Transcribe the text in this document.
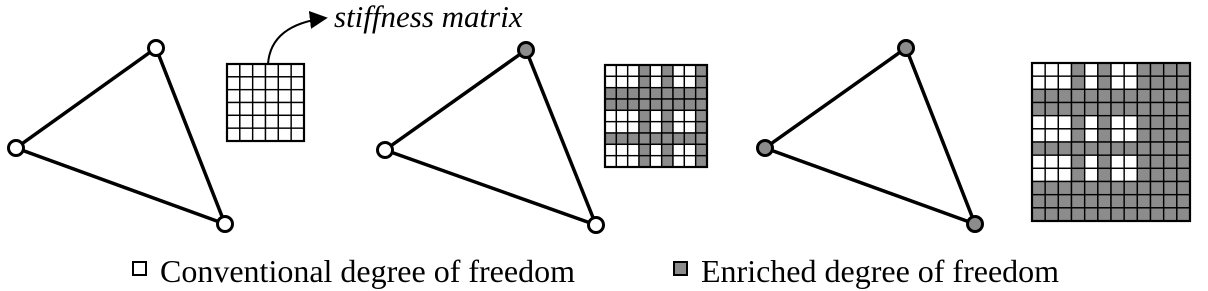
stiffness matrix
Conventional degree of freedom	Enriched degree of freedom
